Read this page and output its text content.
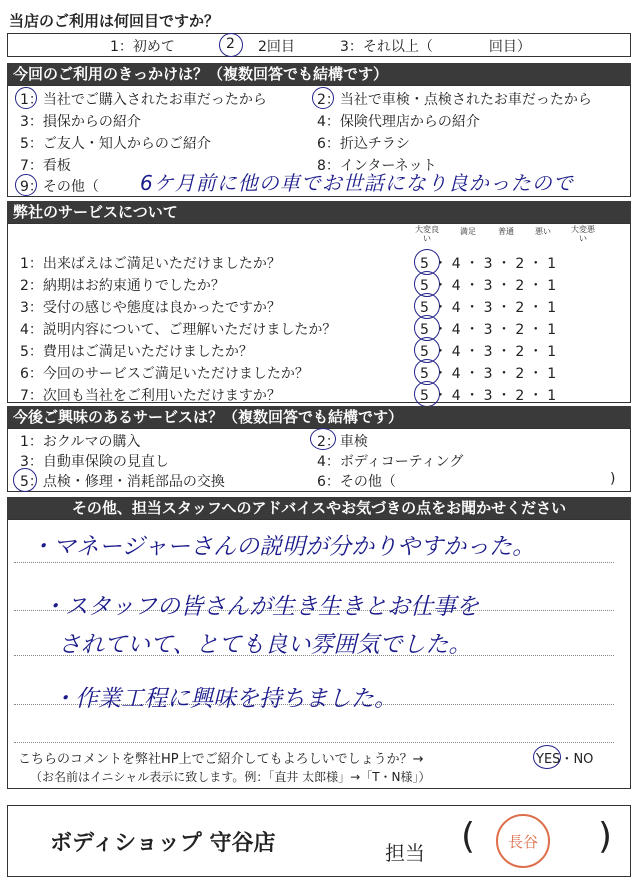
当店のご利用は何回目ですか？
1：初めて	2回目
2	3：それ以上（　　　　回目）
今回のご利用のきっかけは？（複数回答でも結構です）
1：当社でご購入されたお車だったから	2：当社で車検・点検されたお車だったから
3：損保からの紹介	4：保険代理店からの紹介
5：ご友人・知人からのご紹介	6：折込チラシ
7：看板	8：インターネット
9：その他（ 6ケ月前に他の車でお世話になり良かったので
弊社のサービスについて
大変良い
満足	普通	悪い	大変悪い
1：出来ばえはご満足いただけましたか？	5 ・ 4 ・ 3 ・ 2 ・ 1
2：納期はお約束通りでしたか？	5 ・ 4 ・ 3 ・ 2 ・ 1
3：受付の感じや態度は良かったですか？	5 ・ 4 ・ 3 ・ 2 ・ 1
4：説明内容について、ご理解いただけましたか？	5 ・ 4 ・ 3 ・ 2 ・ 1
5：費用はご満足いただけましたか？	5 ・ 4 ・ 3 ・ 2 ・ 1
6：今回のサービスご満足いただけましたか？	5 ・ 4 ・ 3 ・ 2 ・ 1
7：次回も当社をご利用いただけますか？	5 ・ 4 ・ 3 ・ 2 ・ 1
今後ご興味のあるサービスは？（複数回答でも結構です）
1：おクルマの購入	2：車検
3：自動車保険の見直し	4：ボディコーティング
5：点検・修理・消耗部品の交換	6：その他（	)
その他、担当スタッフへのアドバイスやお気づきの点をお聞かせください
・マネージャーさんの説明が分かりやすかった。
・スタッフの皆さんが生き生きとお仕事を
されていて、とても良い雰囲気でした。
・作業工程に興味を持ちました。
こちらのコメントを弊社HP上でご紹介してもよろしいでしょうか？→	YES・NO
（お名前はイニシャル表示に致します。例：「直井 太郎様」→「T・N様」）
ボディショップ 守谷店	担当 (	)
長谷
